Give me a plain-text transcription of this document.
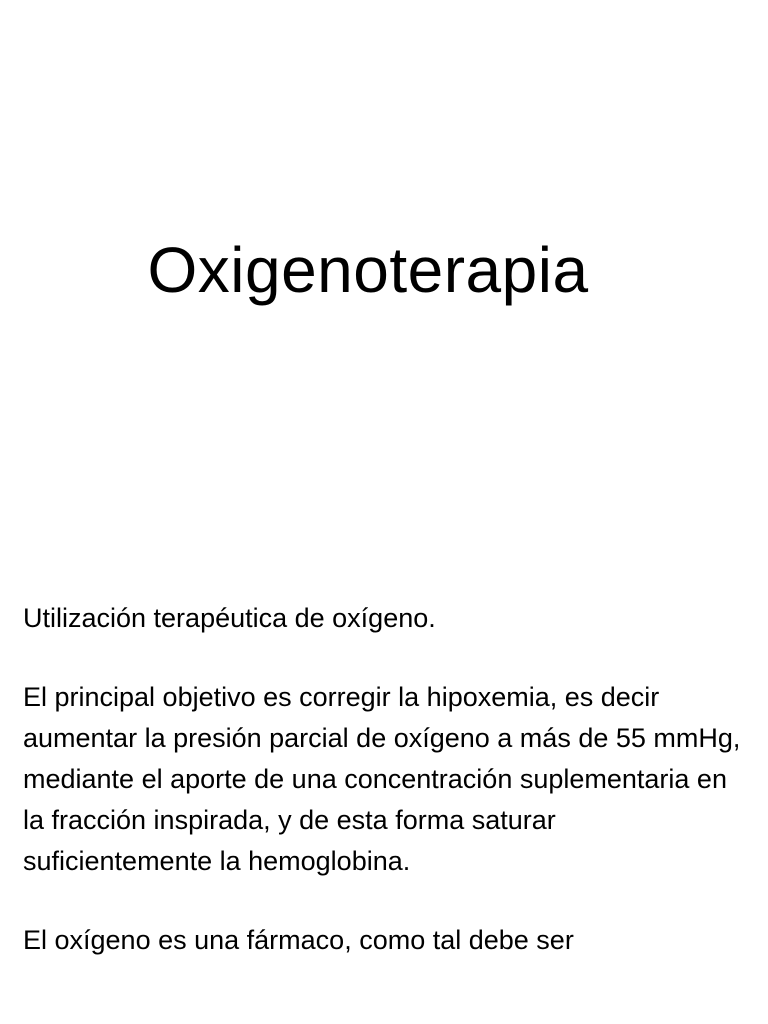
Oxigenoterapia

Utilización terapéutica de oxígeno.

El principal objetivo es corregir la hipoxemia, es decir aumentar la presión parcial de oxígeno a más de 55 mmHg, mediante el aporte de una concentración suplementaria en la fracción inspirada, y de esta forma saturar suficientemente la hemoglobina.

El oxígeno es una fármaco, como tal debe ser
